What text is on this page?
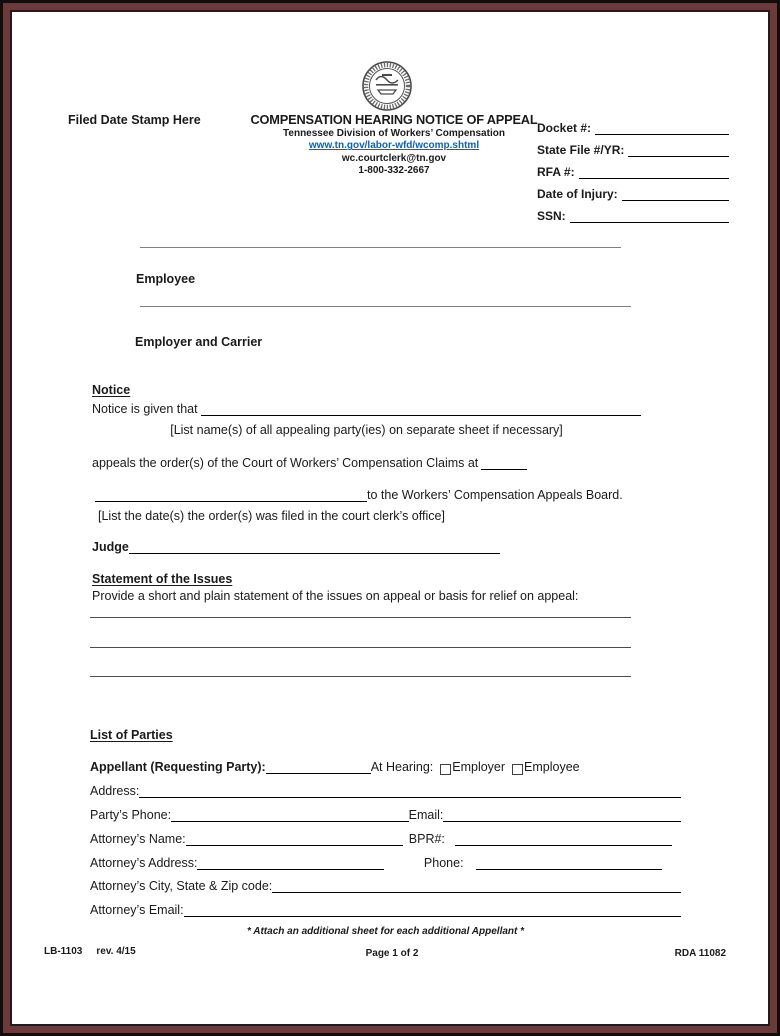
Filed Date Stamp Here	COMPENSATION HEARING NOTICE OF APPEAL
Tennessee Division of Workers’ Compensation
www.tn.gov/labor-wfd/wcomp.shtml
wc.courtclerk@tn.gov
1-800-332-2667
Docket #:
State File #/YR:
RFA #:
Date of Injury:
SSN:
Employee
Employer and Carrier
Notice
Notice is given that
[List name(s) of all appealing party(ies) on separate sheet if necessary]
appeals the order(s) of the Court of Workers’ Compensation Claims at
to the Workers’ Compensation Appeals Board.
[List the date(s) the order(s) was filed in the court clerk’s office]
Judge
Statement of the Issues
Provide a short and plain statement of the issues on appeal or basis for relief on appeal:
List of Parties
Appellant (Requesting Party):	At Hearing: Employer Employee
Address:
Party’s Phone:	Email:
Attorney’s Name:	BPR#:
Attorney’s Address:	Phone:
Attorney’s City, State & Zip code:
Attorney’s Email:
* Attach an additional sheet for each additional Appellant *
LB-1103 rev. 4/15	Page 1 of 2	RDA 11082
